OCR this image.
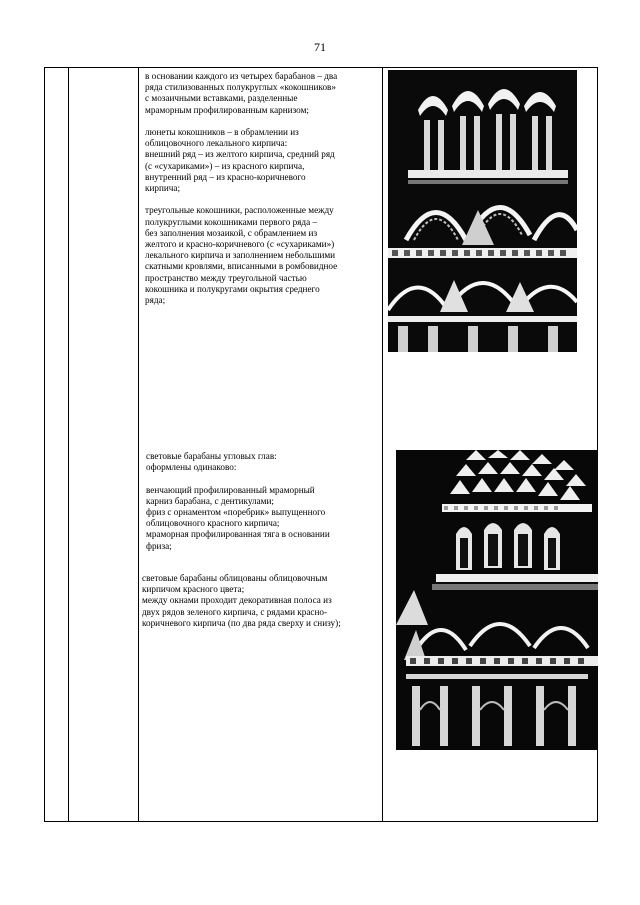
71

в основании каждого из четырех барабанов – два

ряда стилизованных полукруглых «кокошников»

с мозаичными вставками, разделенные

мраморным профилированным карнизом;

люнеты кокошников – в обрамлении из

облицовочного лекального кирпича:

внешний ряд – из желтого кирпича, средний ряд

(с «сухариками») – из красного кирпича,

внутренний ряд – из красно-коричневого

кирпича;

треугольные кокошники, расположенные между

полукруглыми кокошниками первого ряда –

без заполнения мозаикой, с обрамлением из

желтого и красно-коричневого (с «сухариками»)

лекального кирпича и заполнением небольшими

скатными кровлями, вписанными в ромбовидное

пространство между треугольной частью

кокошника и полукругами окрытия среднего

ряда;

световые барабаны угловых глав:

оформлены одинаково:

венчающий профилированный мраморный

карниз барабана, с дентикулами;

фриз с орнаментом «поребрик» выпущенного

облицовочного красного кирпича;

мраморная профилированная тяга в основании

фриза;

световые барабаны облицованы облицовочным

кирпичом красного цвета;

между окнами проходит декоративная полоса из

двух рядов зеленого кирпича, с рядами красно-

коричневого кирпича (по два ряда сверху и снизу);
